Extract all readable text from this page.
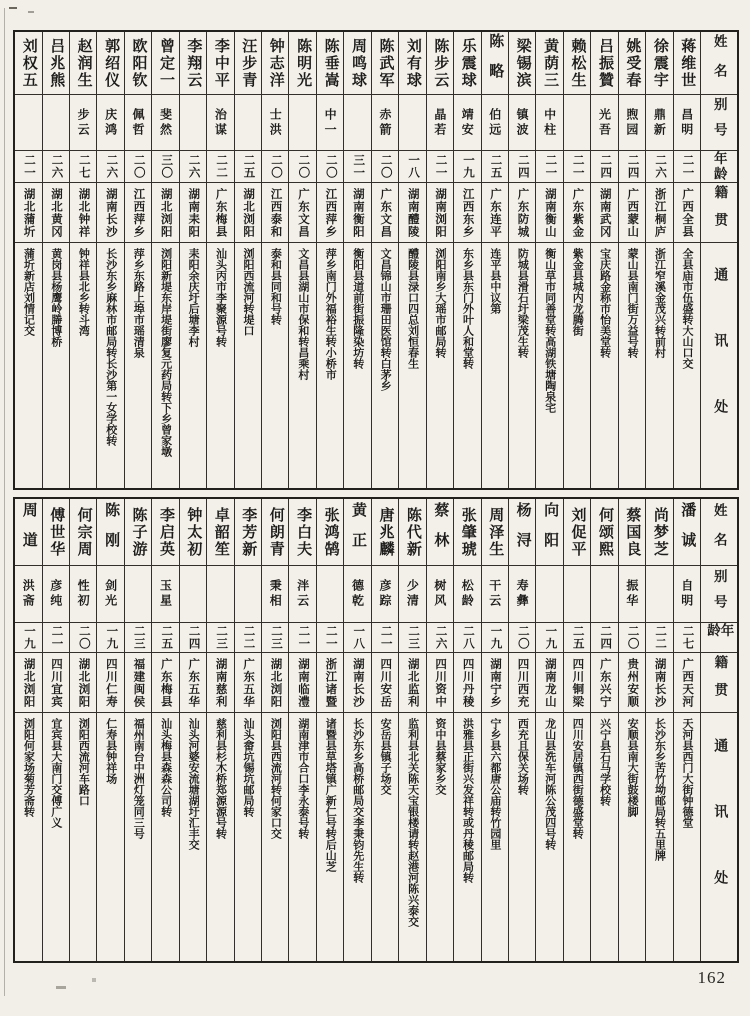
姓名
别号
年龄
籍贯
通讯处
蒋维世
昌明
二一
广西全县
全县庙市伍盛转大山口交
徐震宇
鼎新
二六
浙江桐庐
浙江窄溪金茂兴转前村
姚受春
煦园
二四
广西蒙山
蒙山县南门街万益号转
吕振贊
光吾
二四
湖南武冈
宝庆路金称市怡美堂转
赖松生
二一
广东紫金
紫金县城内龙腾街
黄荫三
中柱
二一
湖南衡山
衡山草市同善堂转高湖铁塘陶泉宅
梁锡滨
镇波
二四
广东防城
防城县滑石圩梁茂生转
陈略
伯远
二五
广东连平
连平县中议第
乐震球
靖安
一九
江西东乡
东乡县东门外叶人和堂转
陈步云
晶若
二一
湖南浏阳
浏阳南乡大瑶市邮局转
刘有球
一八
湖南醴陵
醴陵县渌口四总刘恒春生
陈武军
赤箭
二〇
广东文昌
文昌锦山市珊田医馆转白茅乡
周鸣球
三一
湖南衡阳
衡阳县道前街振隆染坊转
陈垂嵩
中一
二〇
江西萍乡
萍乡南门外福裕生转小桥市
陈明光
二〇
广东文昌
文昌县湖山市保和转昌乘村
钟志洋
士洪
二〇
江西泰和
泰和县同和号转
汪步青
二五
湖北浏阳
浏阳西流河转堤口
李中平
治谋
二二
广东梅县
汕头丙市李聚源号转
李翔云
二六
湖南耒阳
耒阳余庆圩后塘李村
曾定一
斐然
三〇
湖北浏阳
浏阳新堤东岸堤街廖复元药局转下乡曾家墩
欧阳钦
佩哲
二〇
江西萍乡
萍乡东路上埠市瑶清泉
郭绍仪
庆鸿
二六
湖南长沙
长沙东乡麻林市邮局转长沙第一女学校转
赵润生
步云
二七
湖北钟祥
钟祥县北乡转斗湾
吕兆熊
二六
湖北黄冈
黄岗县杨鹰岭幐博桥
刘权五
二一
湖北蒲圻
蒲圻新店刘情记交
姓名
别号
年龄
籍贯
通讯处
潘诚
自明
二七
广西天河
天河县西门大街钟德堂
尚梦芝
二二
湖南长沙
长沙东乡苦竹坳邮局转五里牌
蔡国良
振华
二〇
贵州安顺
安顺县南大街鼓楼脚
何颂熙
二四
广东兴宁
兴宁县石马学校转
刘促平
二五
四川铜梁
四川安居镇西街德盛堂转
向阳
一九
湖南龙山
龙山县洗车河陈公茂四号转
杨浔
寿彝
二〇
四川西充
西充且保关场转
周泽生
干云
一九
湖南宁乡
宁乡县六都唐公庙转竹园里
张肇琥
松龄
二八
四川丹稜
洪雅县正街兴发祥转或丹稜邮局转
蔡林
树风
二六
四川资中
资中县蔡家乡交
陈代新
少清
二三
湖北监利
监利县北关陈天宝银楼请转赵港河陈兴泰交
唐兆麟
彦踪
二一
四川安岳
安岳县镇子场交
黄正
德乾
一八
湖南长沙
长沙东乡高桥邮局交李秉钧先生转
张鸿鹄
二一
浙江诸暨
诸暨县草塔镇广新仁号转后山芝
李白夫
泮云
二一
湖南临澧
湖南津市合口李永泰号转
何朗青
秉相
二三
湖北浏阳
浏阳县西流河转何家口交
李芳新
二二
广东五华
汕头畲坑锡坑邮局转
卓韶笙
二三
湖南慈利
慈利县杉木桥郑源源号转
钟太初
二四
广东五华
汕头河婆安流塘湖圩汇丰交
李启英
玉星
二五
广东梅县
汕头梅县森森公司转
陈子游
二三
福建闽侯
福州南台中洲灯笼同三号
陈刚
剑光
一九
四川仁寿
仁寿县钟祥场
何宗周
性初
二〇
湖北浏阳
浏阳西流河车路口
傅世华
彦纯
二一
四川宜宾
宜宾县大南门交傅广义
周道
洪斋
一九
湖北浏阳
浏阳何家场菊芳斋转
162
